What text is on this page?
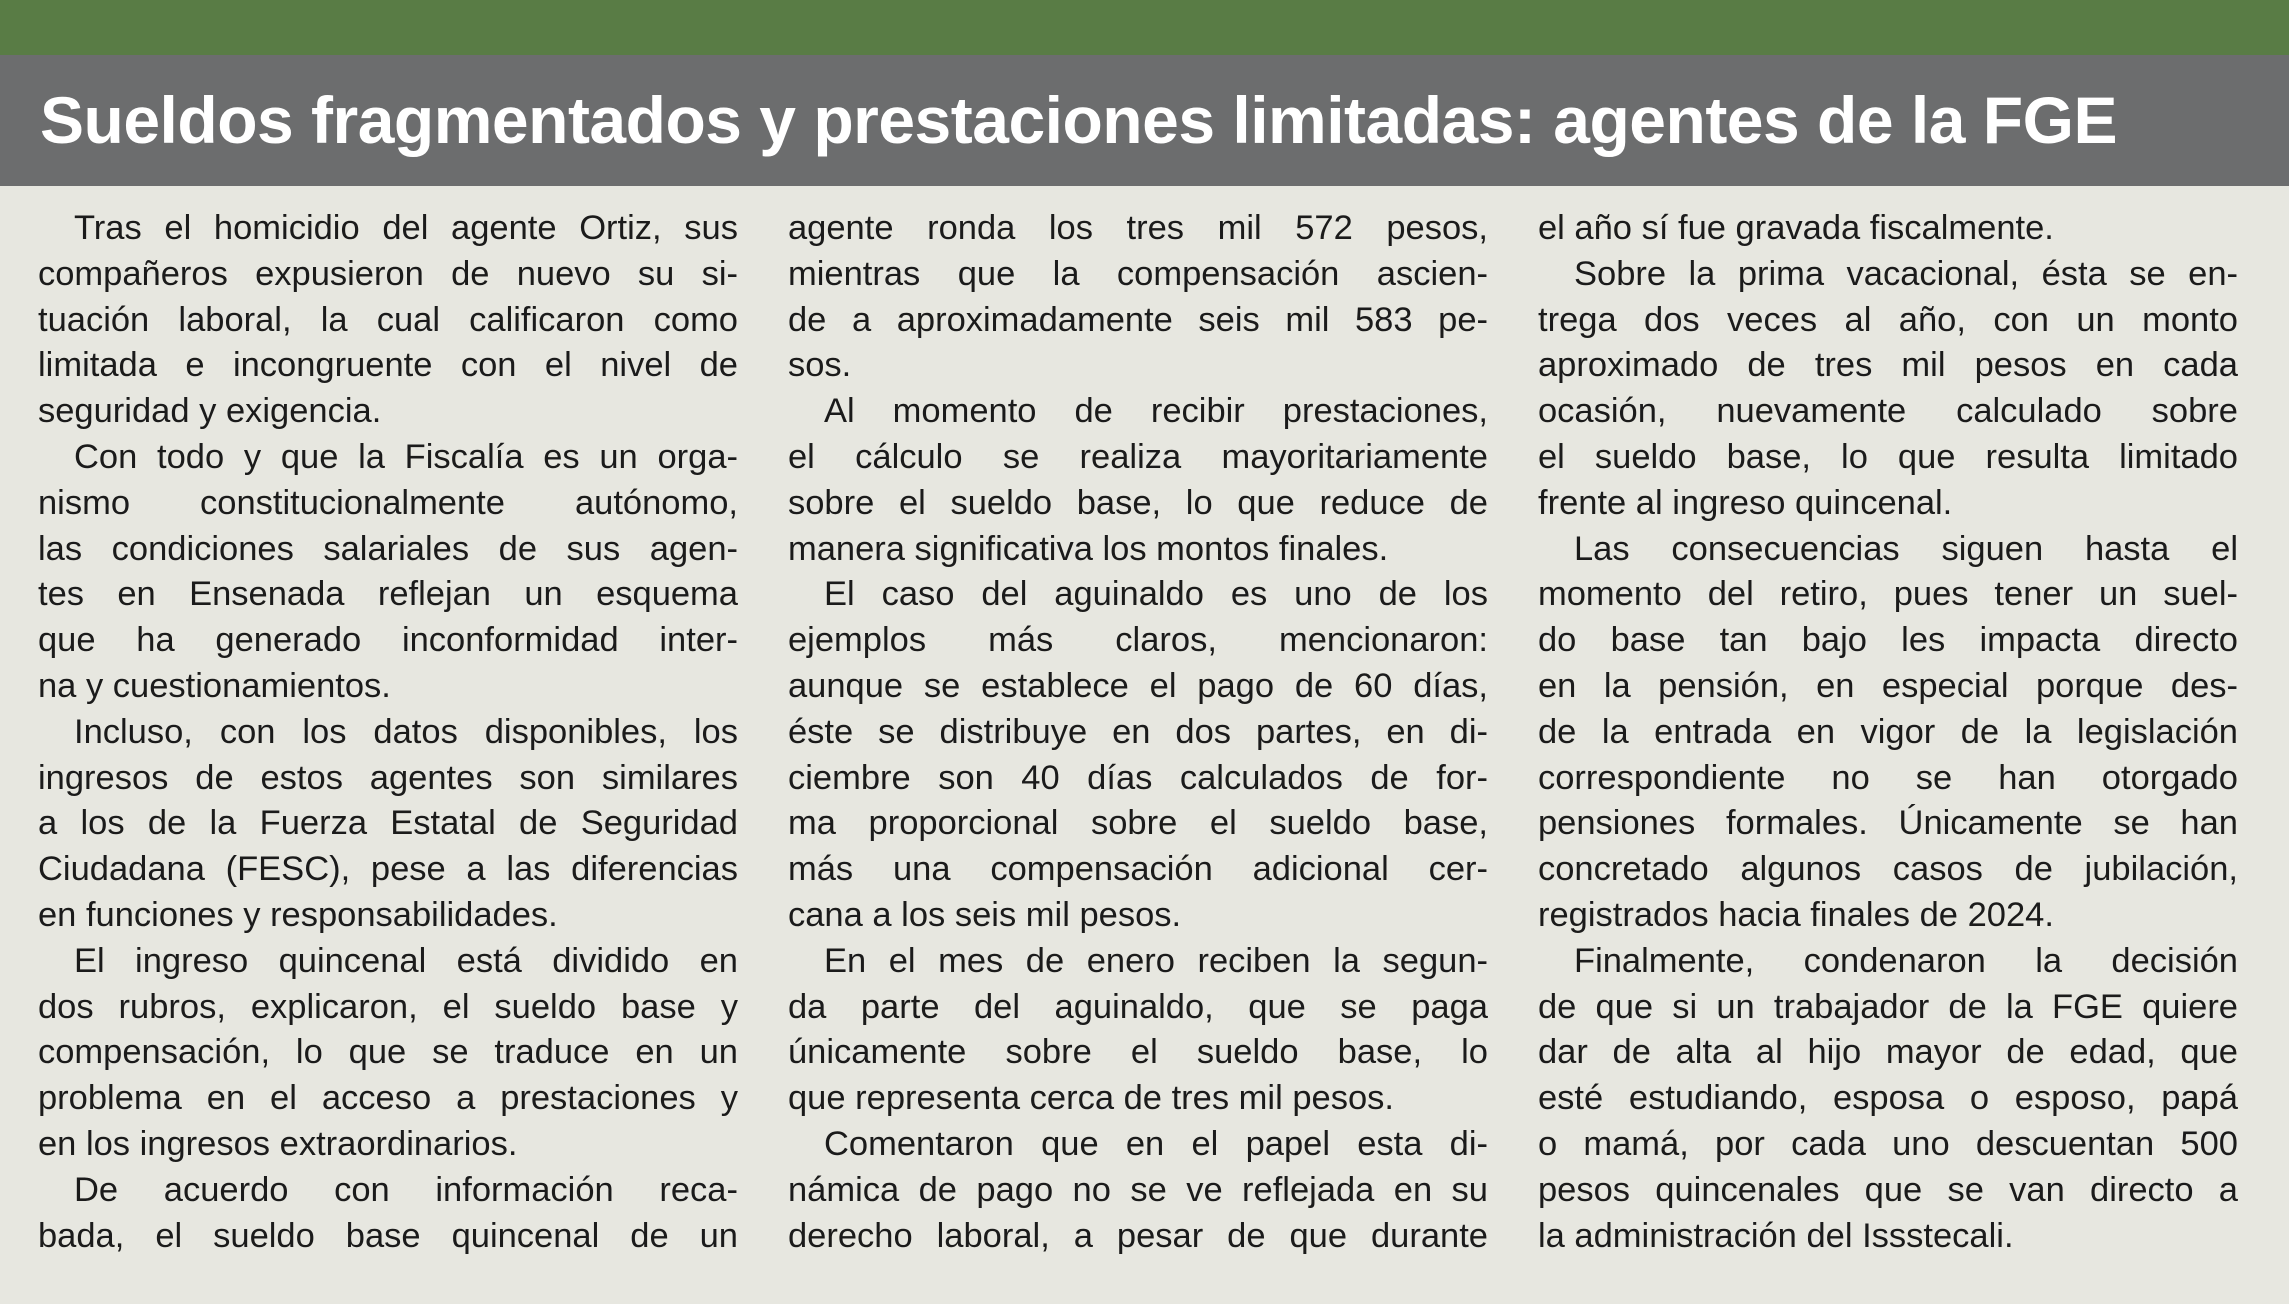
Sueldos fragmentados y prestaciones limitadas: agentes de la FGE
Tras el homicidio del agente Ortiz, sus
compañeros expusieron de nuevo su si-
tuación laboral, la cual calificaron como
limitada e incongruente con el nivel de
seguridad y exigencia.
Con todo y que la Fiscalía es un orga-
nismo constitucionalmente autónomo,
las condiciones salariales de sus agen-
tes en Ensenada reflejan un esquema
que ha generado inconformidad inter-
na y cuestionamientos.
Incluso, con los datos disponibles, los
ingresos de estos agentes son similares
a los de la Fuerza Estatal de Seguridad
Ciudadana (FESC), pese a las diferencias
en funciones y responsabilidades.
El ingreso quincenal está dividido en
dos rubros, explicaron, el sueldo base y
compensación, lo que se traduce en un
problema en el acceso a prestaciones y
en los ingresos extraordinarios.
De acuerdo con información reca-
bada, el sueldo base quincenal de un
agente ronda los tres mil 572 pesos,
mientras que la compensación ascien-
de a aproximadamente seis mil 583 pe-
sos.
Al momento de recibir prestaciones,
el cálculo se realiza mayoritariamente
sobre el sueldo base, lo que reduce de
manera significativa los montos finales.
El caso del aguinaldo es uno de los
ejemplos más claros, mencionaron:
aunque se establece el pago de 60 días,
éste se distribuye en dos partes, en di-
ciembre son 40 días calculados de for-
ma proporcional sobre el sueldo base,
más una compensación adicional cer-
cana a los seis mil pesos.
En el mes de enero reciben la segun-
da parte del aguinaldo, que se paga
únicamente sobre el sueldo base, lo
que representa cerca de tres mil pesos.
Comentaron que en el papel esta di-
námica de pago no se ve reflejada en su
derecho laboral, a pesar de que durante
el año sí fue gravada fiscalmente.
Sobre la prima vacacional, ésta se en-
trega dos veces al año, con un monto
aproximado de tres mil pesos en cada
ocasión, nuevamente calculado sobre
el sueldo base, lo que resulta limitado
frente al ingreso quincenal.
Las consecuencias siguen hasta el
momento del retiro, pues tener un suel-
do base tan bajo les impacta directo
en la pensión, en especial porque des-
de la entrada en vigor de la legislación
correspondiente no se han otorgado
pensiones formales. Únicamente se han
concretado algunos casos de jubilación,
registrados hacia finales de 2024.
Finalmente, condenaron la decisión
de que si un trabajador de la FGE quiere
dar de alta al hijo mayor de edad, que
esté estudiando, esposa o esposo, papá
o mamá, por cada uno descuentan 500
pesos quincenales que se van directo a
la administración del Issstecali.
